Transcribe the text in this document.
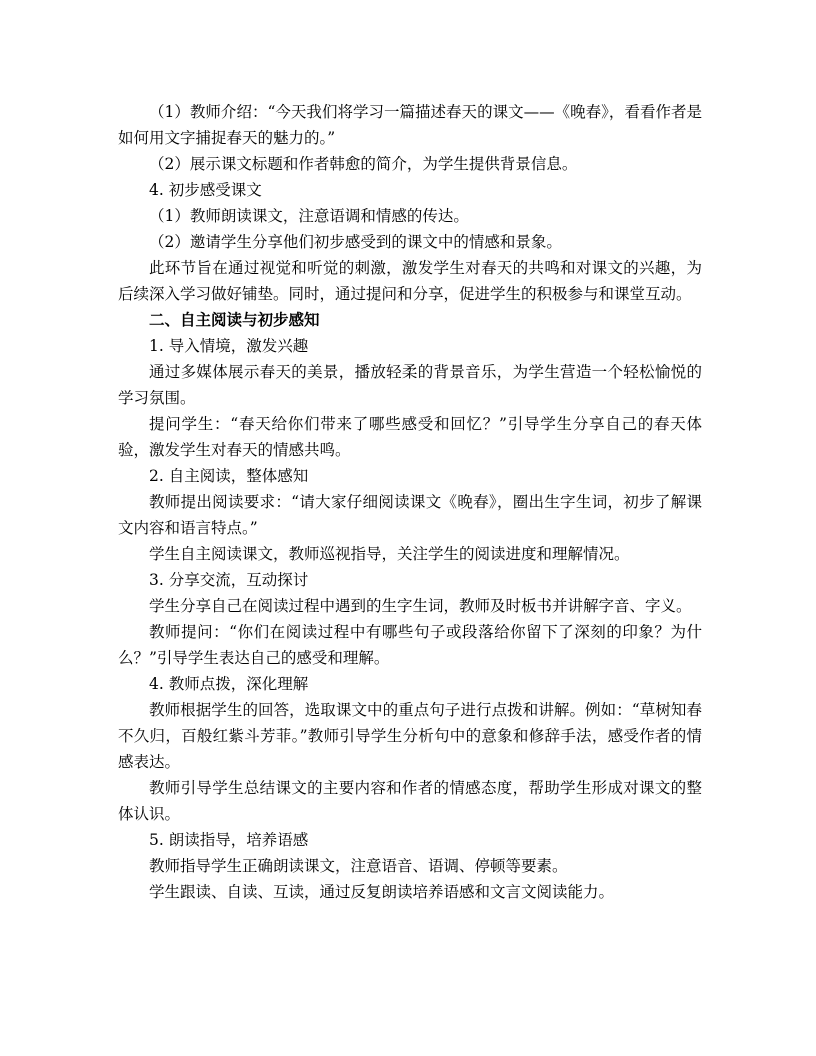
（1）教师介绍：“今天我们将学习一篇描述春天的课文——《晚春》，看看作者是如何用文字捕捉春天的魅力的。”

（2）展示课文标题和作者韩愈的简介，为学生提供背景信息。

4. 初步感受课文

（1）教师朗读课文，注意语调和情感的传达。

（2）邀请学生分享他们初步感受到的课文中的情感和景象。

此环节旨在通过视觉和听觉的刺激，激发学生对春天的共鸣和对课文的兴趣，为后续深入学习做好铺垫。同时，通过提问和分享，促进学生的积极参与和课堂互动。

二、自主阅读与初步感知

1. 导入情境，激发兴趣

通过多媒体展示春天的美景，播放轻柔的背景音乐，为学生营造一个轻松愉悦的学习氛围。

提问学生：“春天给你们带来了哪些感受和回忆？”引导学生分享自己的春天体验，激发学生对春天的情感共鸣。

2. 自主阅读，整体感知

教师提出阅读要求：“请大家仔细阅读课文《晚春》，圈出生字生词，初步了解课文内容和语言特点。”

学生自主阅读课文，教师巡视指导，关注学生的阅读进度和理解情况。

3. 分享交流，互动探讨

学生分享自己在阅读过程中遇到的生字生词，教师及时板书并讲解字音、字义。

教师提问：“你们在阅读过程中有哪些句子或段落给你留下了深刻的印象？为什么？”引导学生表达自己的感受和理解。

4. 教师点拨，深化理解

教师根据学生的回答，选取课文中的重点句子进行点拨和讲解。例如：“草树知春不久归，百般红紫斗芳菲。”教师引导学生分析句中的意象和修辞手法，感受作者的情感表达。

教师引导学生总结课文的主要内容和作者的情感态度，帮助学生形成对课文的整体认识。

5. 朗读指导，培养语感

教师指导学生正确朗读课文，注意语音、语调、停顿等要素。

学生跟读、自读、互读，通过反复朗读培养语感和文言文阅读能力。
